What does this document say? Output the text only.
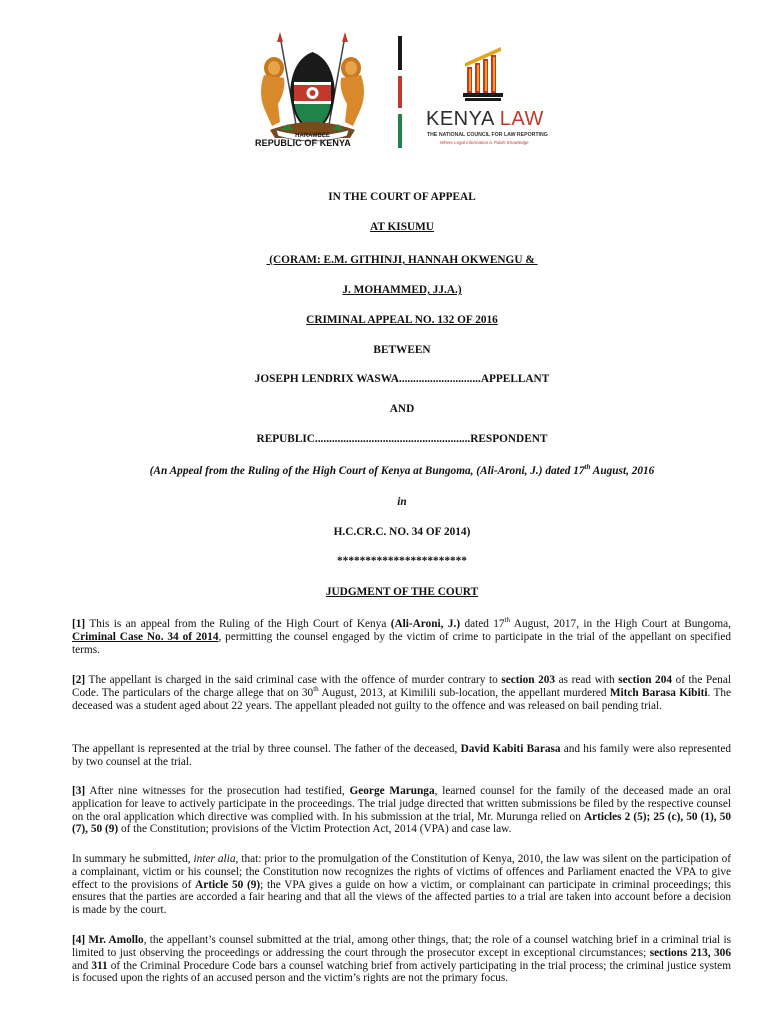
HARAMBEE
REPUBLIC OF KENYA
KENYA LAW
THE NATIONAL COUNCIL FOR LAW REPORTING
Where Legal Information is Public Knowledge
IN THE COURT OF APPEAL
AT KISUMU
(CORAM: E.M. GITHINJI, HANNAH OKWENGU &
J. MOHAMMED, JJ.A.)
CRIMINAL APPEAL NO. 132 OF 2016
BETWEEN
JOSEPH LENDRIX WASWA.............................APPELLANT
AND
REPUBLIC.......................................................RESPONDENT
(An Appeal from the Ruling of the High Court of Kenya at Bungoma, (Ali-Aroni, J.) dated 17th August, 2016
in
H.C.CR.C. NO. 34 OF 2014)
***********************
JUDGMENT OF THE COURT
[1] This is an appeal from the Ruling of the High Court of Kenya (Ali-Aroni, J.) dated 17th August, 2017, in the High Court at Bungoma, Criminal Case No. 34 of 2014, permitting the counsel engaged by the victim of crime to participate in the trial of the appellant on specified terms.
[2] The appellant is charged in the said criminal case with the offence of murder contrary to section 203 as read with section 204 of the Penal Code. The particulars of the charge allege that on 30th August, 2013, at Kimilili sub-location, the appellant murdered Mitch Barasa Kibiti. The deceased was a student aged about 22 years. The appellant pleaded not guilty to the offence and was released on bail pending trial.
The appellant is represented at the trial by three counsel. The father of the deceased, David Kabiti Barasa and his family were also represented by two counsel at the trial.
[3] After nine witnesses for the prosecution had testified, George Marunga, learned counsel for the family of the deceased made an oral application for leave to actively participate in the proceedings. The trial judge directed that written submissions be filed by the respective counsel on the oral application which directive was complied with. In his submission at the trial, Mr. Murunga relied on Articles 2 (5); 25 (c), 50 (1), 50 (7), 50 (9) of the Constitution; provisions of the Victim Protection Act, 2014 (VPA) and case law.
In summary he submitted, inter alia, that: prior to the promulgation of the Constitution of Kenya, 2010, the law was silent on the participation of a complainant, victim or his counsel; the Constitution now recognizes the rights of victims of offences and Parliament enacted the VPA to give effect to the provisions of Article 50 (9); the VPA gives a guide on how a victim, or complainant can participate in criminal proceedings; this ensures that the parties are accorded a fair hearing and that all the views of the affected parties to a trial are taken into account before a decision is made by the court.
[4] Mr. Amollo, the appellant’s counsel submitted at the trial, among other things, that; the role of a counsel watching brief in a criminal trial is limited to just observing the proceedings or addressing the court through the prosecutor except in exceptional circumstances; sections 213, 306 and 311 of the Criminal Procedure Code bars a counsel watching brief from actively participating in the trial process; the criminal justice system is focused upon the rights of an accused person and the victim’s rights are not the primary focus.
